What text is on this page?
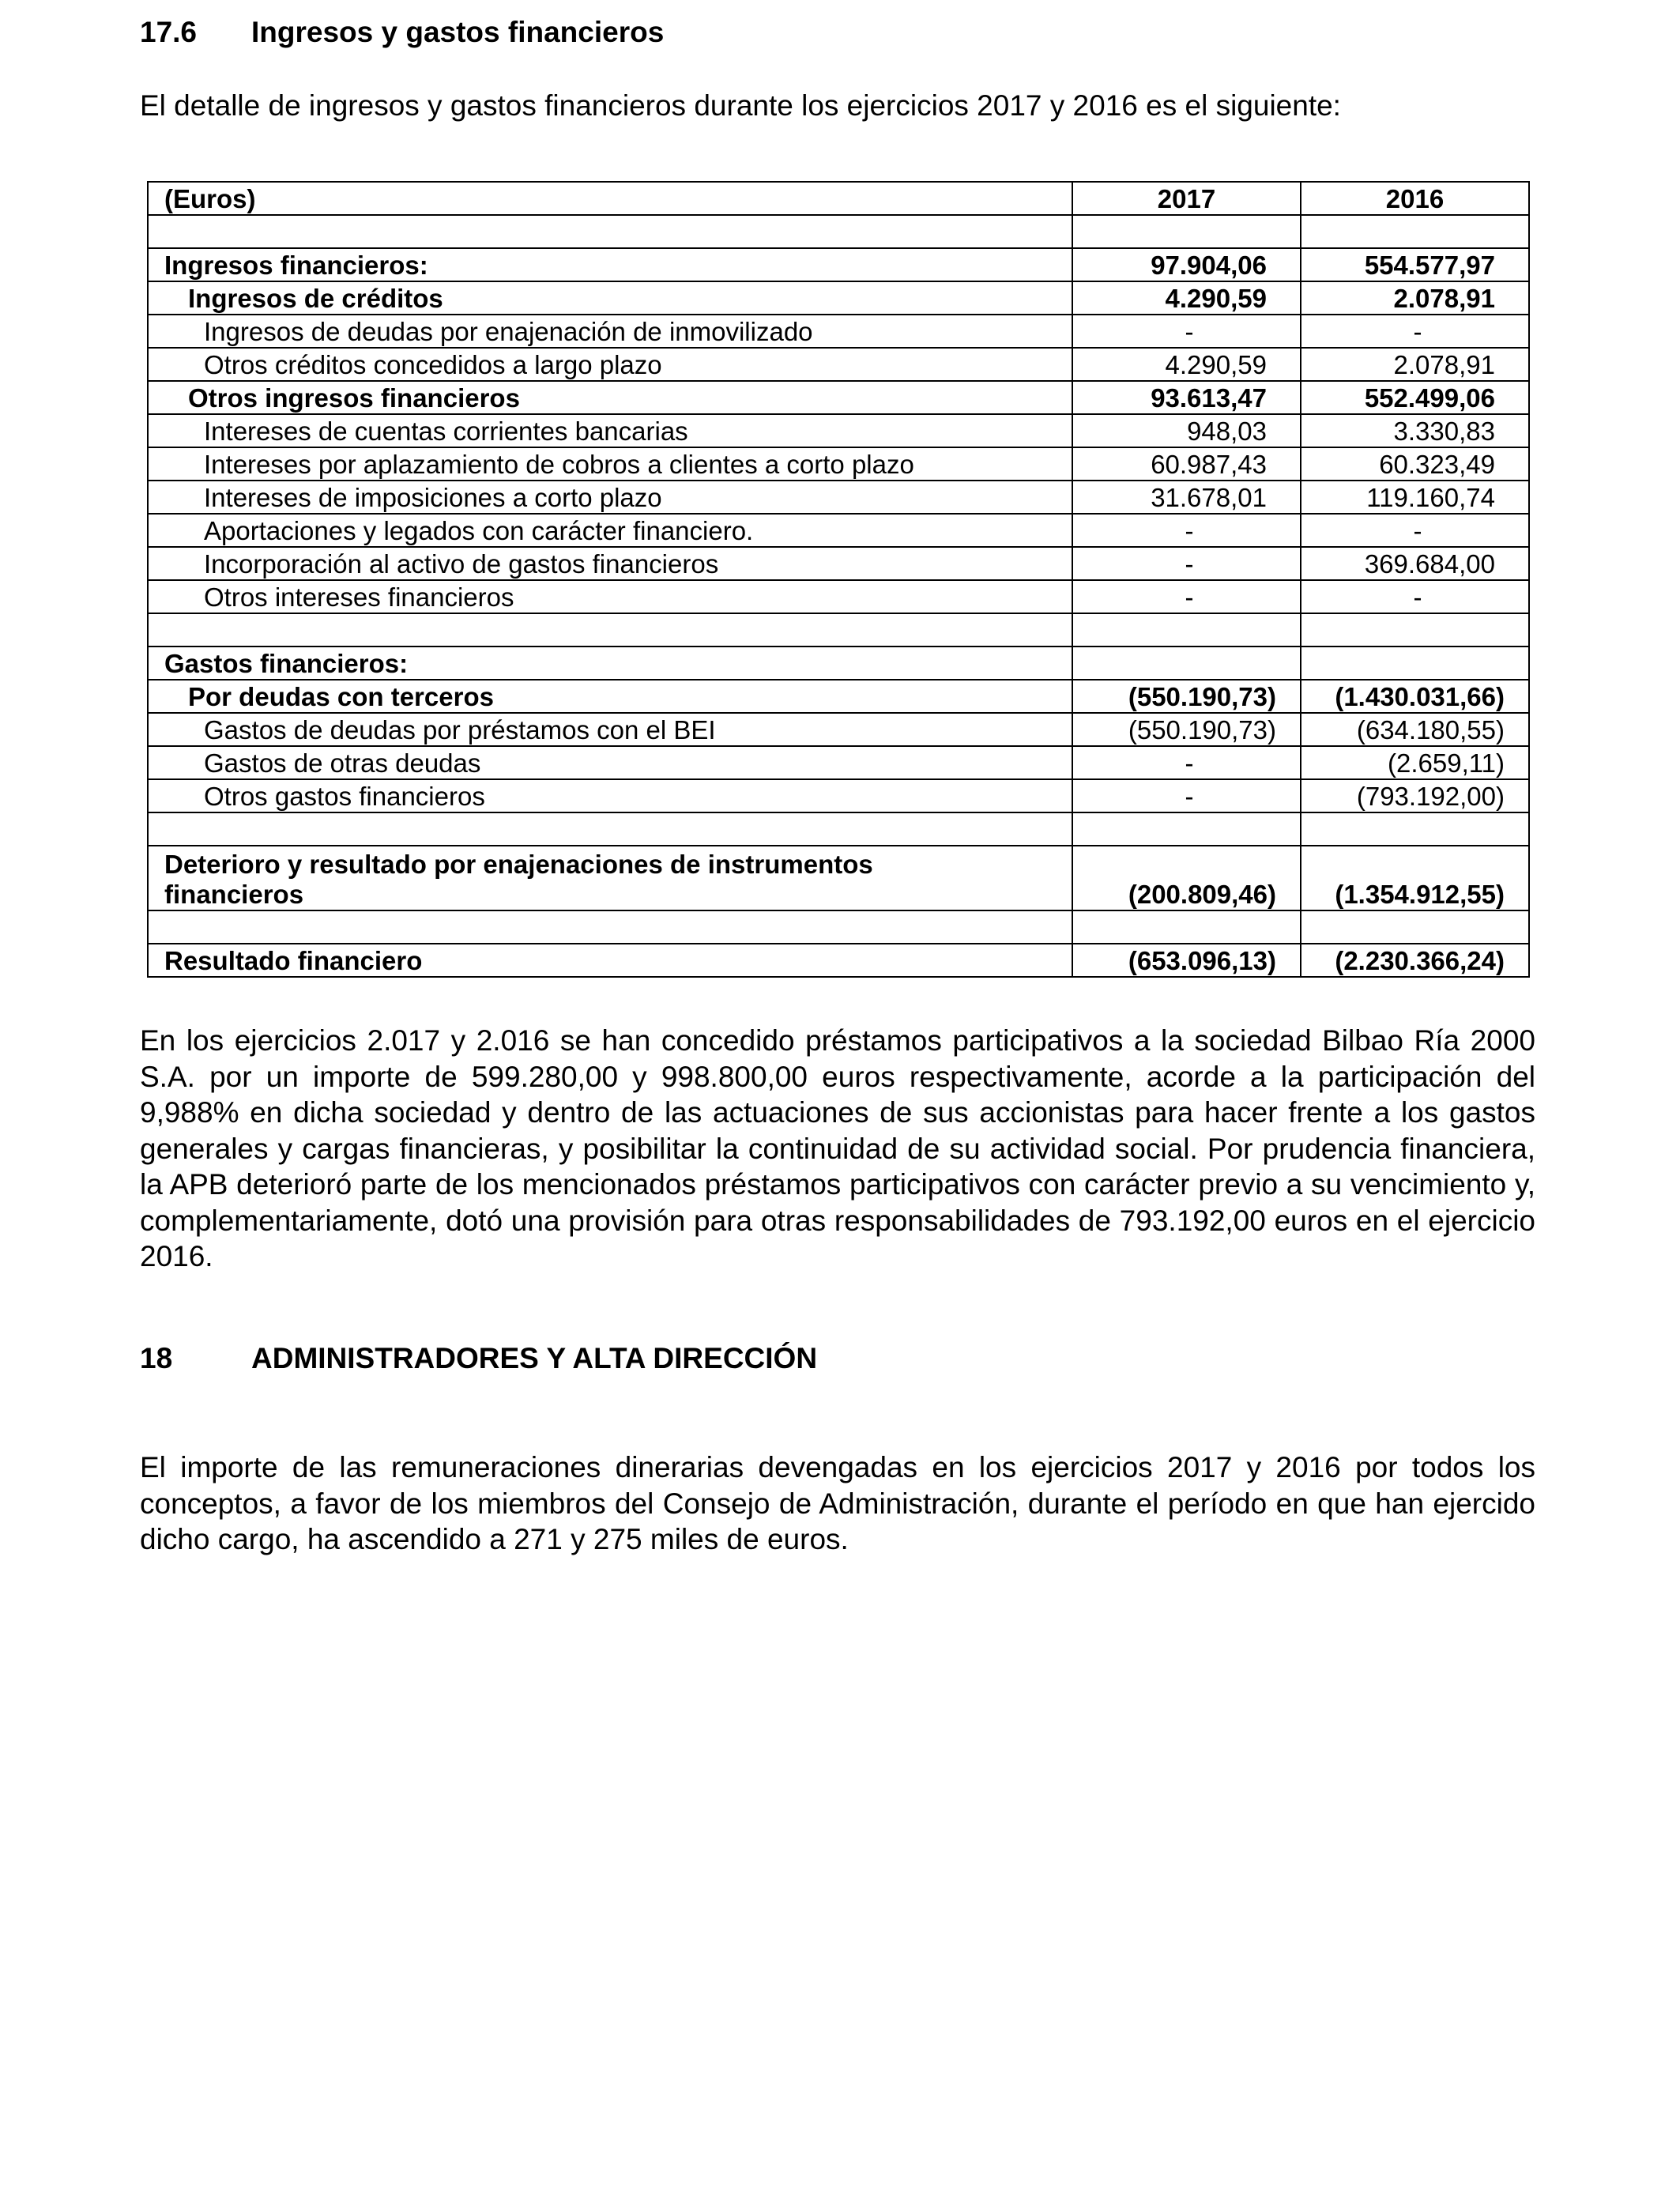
17.6 Ingresos y gastos financieros
El detalle de ingresos y gastos financieros durante los ejercicios 2017 y 2016 es el siguiente:
(Euros)	2017	2016

Ingresos financieros:	97.904,06	554.577,97
Ingresos de créditos	4.290,59	2.078,91
Ingresos de deudas por enajenación de inmovilizado	-	-
Otros créditos concedidos a largo plazo	4.290,59	2.078,91
Otros ingresos financieros	93.613,47	552.499,06
Intereses de cuentas corrientes bancarias	948,03	3.330,83
Intereses por aplazamiento de cobros a clientes a corto plazo	60.987,43	60.323,49
Intereses de imposiciones a corto plazo	31.678,01	119.160,74
Aportaciones y legados con carácter financiero.	-	-
Incorporación al activo de gastos financieros	-	369.684,00
Otros intereses financieros	-	-

Gastos financieros:		
Por deudas con terceros	(550.190,73)	(1.430.031,66)
Gastos de deudas por préstamos con el BEI	(550.190,73)	(634.180,55)
Gastos de otras deudas	-	(2.659,11)
Otros gastos financieros	-	(793.192,00)

Deterioro y resultado por enajenaciones de instrumentos financieros	(200.809,46)	(1.354.912,55)

Resultado financiero	(653.096,13)	(2.230.366,24)
En los ejercicios 2.017 y 2.016 se han concedido préstamos participativos a la sociedad Bilbao Ría 2000 S.A. por un importe de 599.280,00 y 998.800,00 euros respectivamente, acorde a la participación del 9,988% en dicha sociedad y dentro de las actuaciones de sus accionistas para hacer frente a los gastos generales y cargas financieras, y posibilitar la continuidad de su actividad social. Por prudencia financiera, la APB deterioró parte de los mencionados préstamos participativos con carácter previo a su vencimiento y, complementariamente, dotó una provisión para otras responsabilidades de 793.192,00 euros en el ejercicio 2016.
18	ADMINISTRADORES Y ALTA DIRECCIÓN
El importe de las remuneraciones dinerarias devengadas en los ejercicios 2017 y 2016 por todos los conceptos, a favor de los miembros del Consejo de Administración, durante el período en que han ejercido dicho cargo, ha ascendido a 271 y 275 miles de euros.
